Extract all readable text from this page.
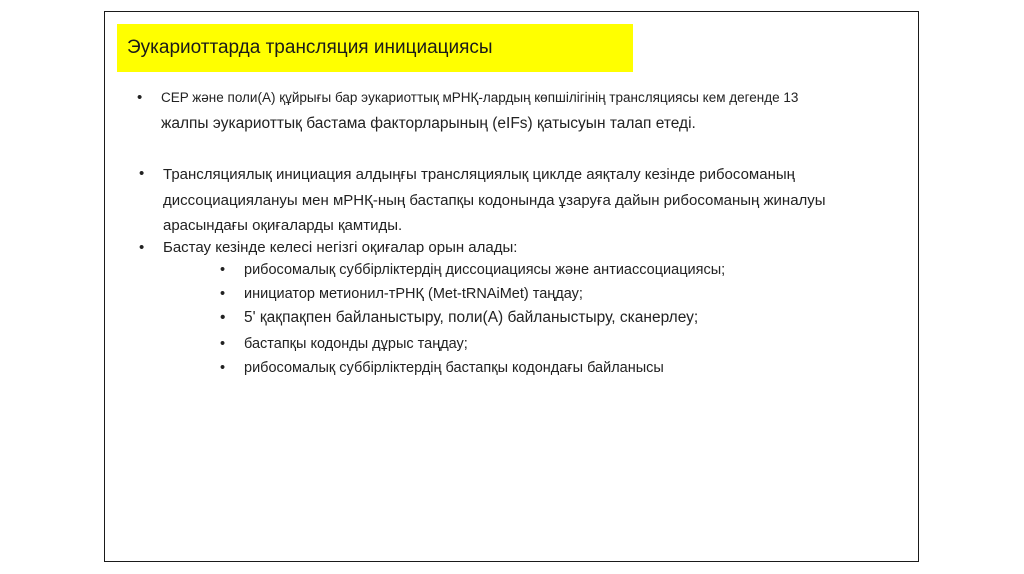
Эукариоттарда трансляция инициациясы
• CEP және поли(A) құйрығы бар эукариоттық мРНҚ-лардың көпшілігінің трансляциясы кем дегенде 13
жалпы эукариоттық бастама факторларының (eIFs) қатысуын талап етеді.
• Трансляциялық инициация алдыңғы трансляциялық циклде аяқталу кезінде рибосоманың
диссоциациялануы мен мРНҚ-ның бастапқы кодонында ұзаруға дайын рибосоманың жиналуы
арасындағы оқиғаларды қамтиды.
• Бастау кезінде келесі негізгі оқиғалар орын алады:
• рибосомалық суббірліктердің диссоциациясы және антиассоциациясы;
• инициатор метионил-тРНҚ (Met-tRNAiMet) таңдау;
• 5' қақпақпен байланыстыру, поли(A) байланыстыру, сканерлеу;
• бастапқы кодонды дұрыс таңдау;
• рибосомалық суббірліктердің бастапқы кодондағы байланысы
